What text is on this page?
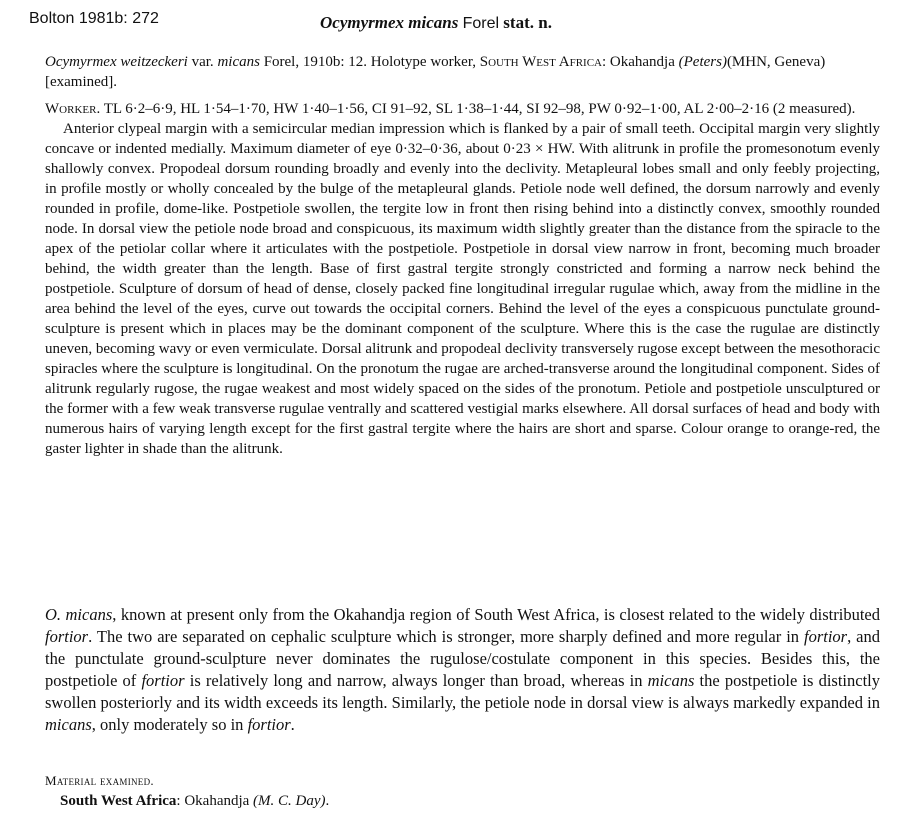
Bolton 1981b: 272	Ocymyrmex micans Forel stat. n.
Ocymyrmex weitzeckeri var. micans Forel, 1910b: 12. Holotype worker, South West Africa: Okahandja (Peters)(MHN, Geneva) [examined].

Worker. TL 6·2–6·9, HL 1·54–1·70, HW 1·40–1·56, CI 91–92, SL 1·38–1·44, SI 92–98, PW 0·92–1·00, AL 2·00–2·16 (2 measured).

Anterior clypeal margin with a semicircular median impression which is flanked by a pair of small teeth. Occipital margin very slightly concave or indented medially. Maximum diameter of eye 0·32–0·36, about 0·23 × HW. With alitrunk in profile the promesonotum evenly shallowly convex. Propodeal dorsum rounding broadly and evenly into the declivity. Metapleural lobes small and only feebly projecting, in profile mostly or wholly concealed by the bulge of the metapleural glands. Petiole node well defined, the dorsum narrowly and evenly rounded in profile, dome-like. Postpetiole swollen, the tergite low in front then rising behind into a distinctly convex, smoothly rounded node. In dorsal view the petiole node broad and conspicuous, its maximum width slightly greater than the distance from the spiracle to the apex of the petiolar collar where it articulates with the postpetiole. Postpetiole in dorsal view narrow in front, becoming much broader behind, the width greater than the length. Base of first gastral tergite strongly constricted and forming a narrow neck behind the postpetiole. Sculpture of dorsum of head of dense, closely packed fine longitudinal irregular rugulae which, away from the midline in the area behind the level of the eyes, curve out towards the occipital corners. Behind the level of the eyes a conspicuous punctulate ground-sculpture is present which in places may be the dominant component of the sculpture. Where this is the case the rugulae are distinctly uneven, becoming wavy or even vermiculate. Dorsal alitrunk and propodeal declivity transversely rugose except between the mesothoracic spiracles where the sculpture is longitudinal. On the pronotum the rugae are arched-transverse around the longitudinal component. Sides of alitrunk regularly rugose, the rugae weakest and most widely spaced on the sides of the pronotum. Petiole and postpetiole unsculptured or the former with a few weak transverse rugulae ventrally and scattered vestigial marks elsewhere. All dorsal surfaces of head and body with numerous hairs of varying length except for the first gastral tergite where the hairs are short and sparse. Colour orange to orange-red, the gaster lighter in shade than the alitrunk.

O. micans, known at present only from the Okahandja region of South West Africa, is closest related to the widely distributed fortior. The two are separated on cephalic sculpture which is stronger, more sharply defined and more regular in fortior, and the punctulate ground-sculpture never dominates the rugulose/costulate component in this species. Besides this, the postpetiole of fortior is relatively long and narrow, always longer than broad, whereas in micans the postpetiole is distinctly swollen posteriorly and its width exceeds its length. Similarly, the petiole node in dorsal view is always markedly expanded in micans, only moderately so in fortior.
Material examined.
South West Africa: Okahandja (M. C. Day).
